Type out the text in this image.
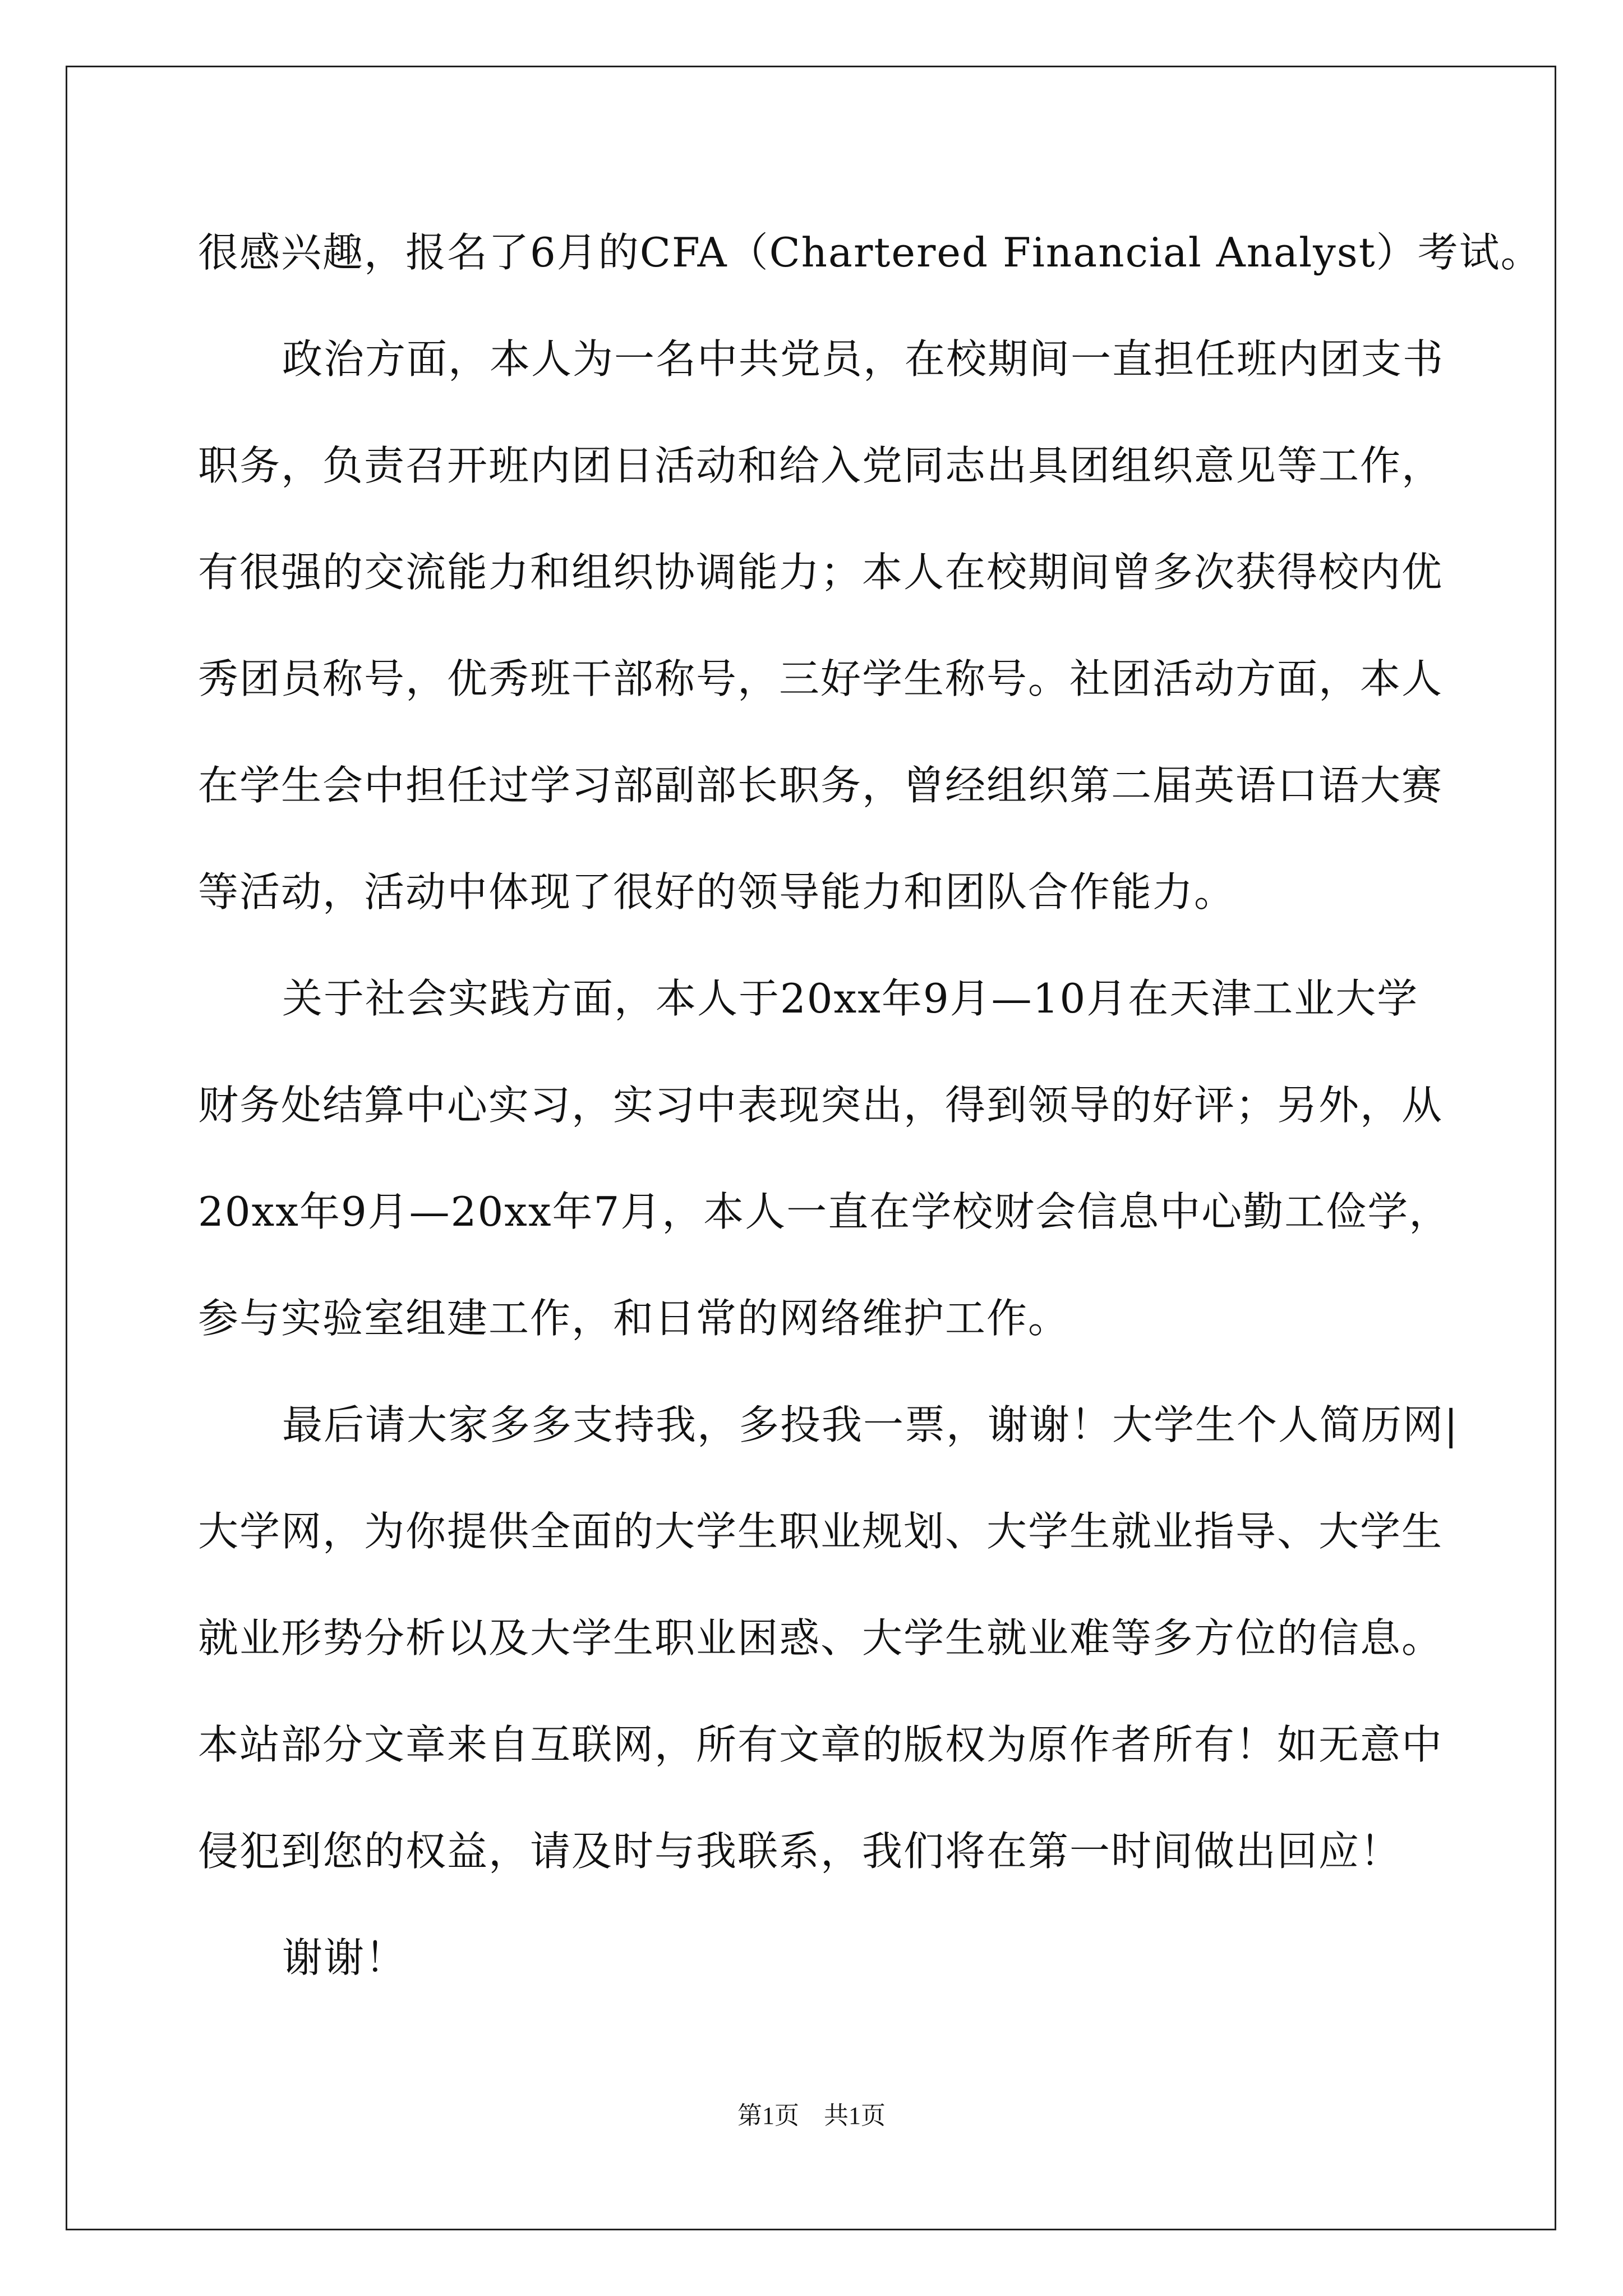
很感兴趣，报名了6月的CFA（Chartered Financial Analyst）考试。
政治方面，本人为一名中共党员，在校期间一直担任班内团支书
职务，负责召开班内团日活动和给入党同志出具团组织意见等工作，
有很强的交流能力和组织协调能力；本人在校期间曾多次获得校内优
秀团员称号，优秀班干部称号，三好学生称号。社团活动方面，本人
在学生会中担任过学习部副部长职务，曾经组织第二届英语口语大赛
等活动，活动中体现了很好的领导能力和团队合作能力。
关于社会实践方面，本人于20xx年9月—10月在天津工业大学
财务处结算中心实习，实习中表现突出，得到领导的好评；另外，从
20xx年9月—20xx年7月，本人一直在学校财会信息中心勤工俭学，
参与实验室组建工作，和日常的网络维护工作。
最后请大家多多支持我，多投我一票，谢谢！大学生个人简历网|
大学网，为你提供全面的大学生职业规划、大学生就业指导、大学生
就业形势分析以及大学生职业困惑、大学生就业难等多方位的信息。
本站部分文章来自互联网，所有文章的版权为原作者所有！如无意中
侵犯到您的权益，请及时与我联系，我们将在第一时间做出回应！
谢谢！
第1页　共1页
